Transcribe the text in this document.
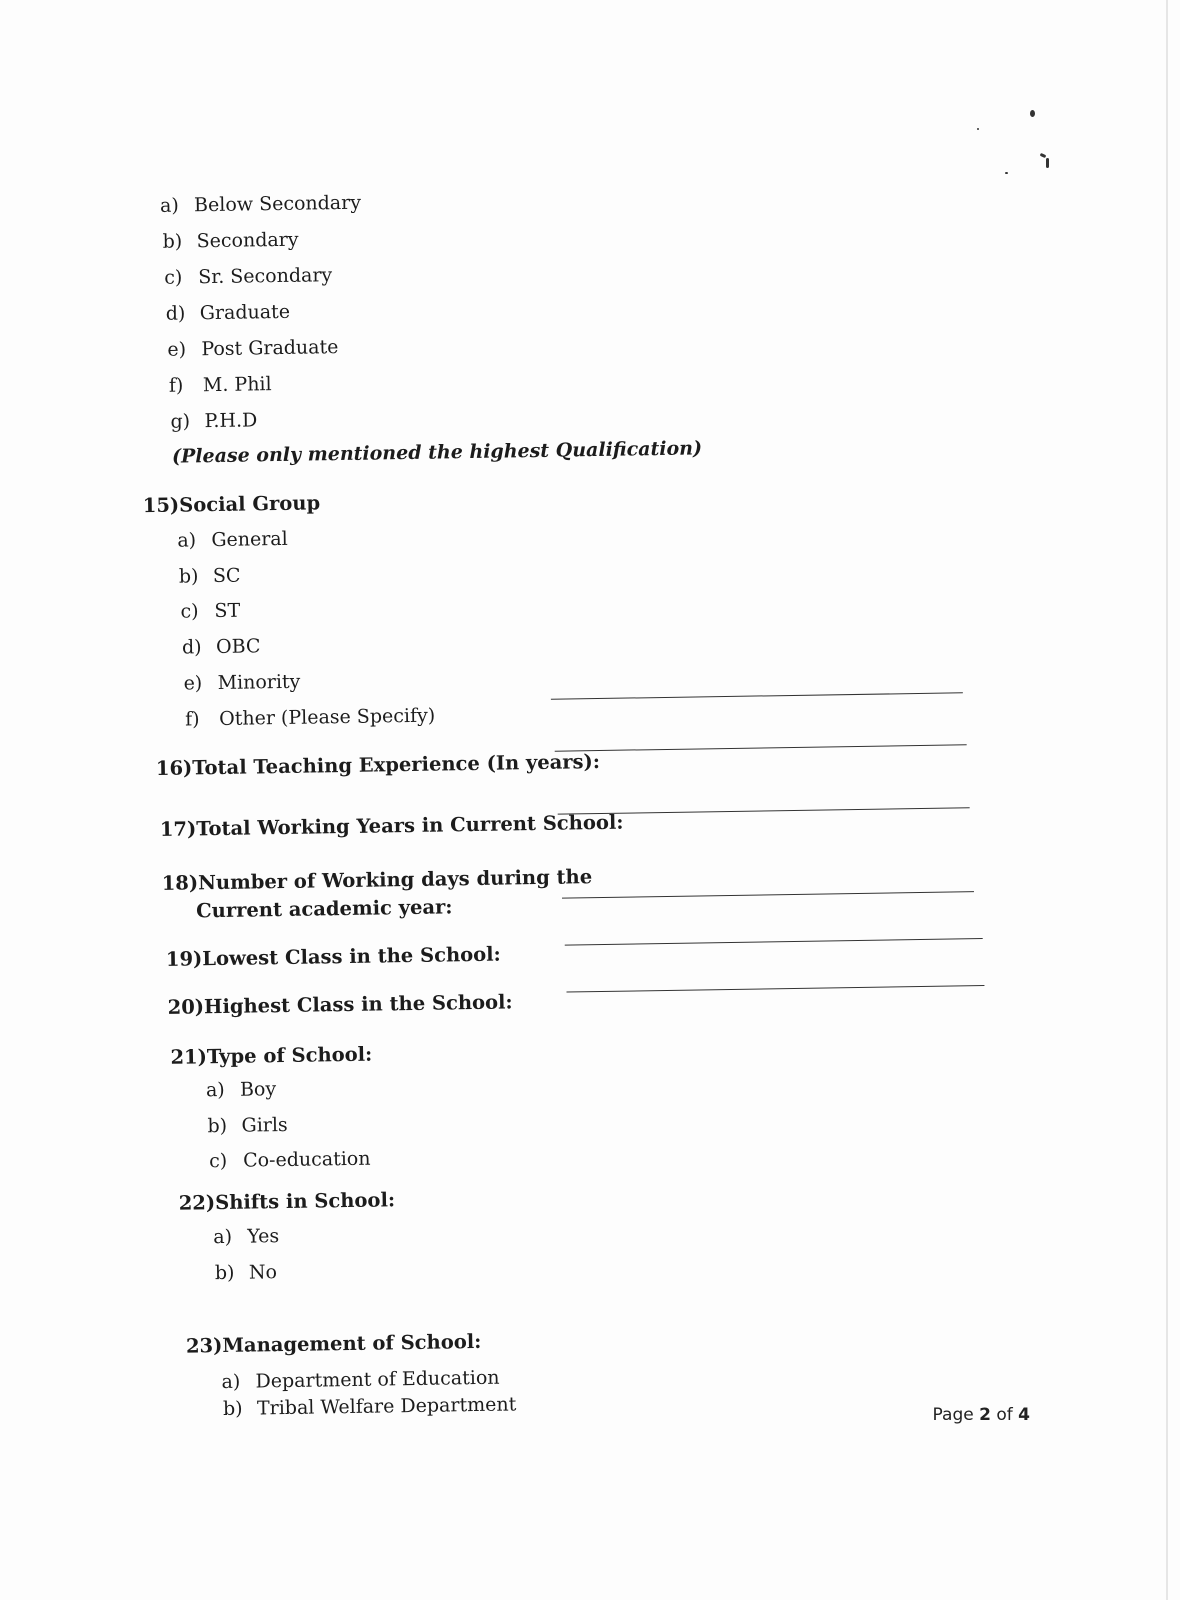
a) Below Secondary
b) Secondary
c) Sr. Secondary
d) Graduate
e) Post Graduate
f) M. Phil
g) P.H.D
(Please only mentioned the highest Qualification)
15)Social Group
a) General
b) SC
c) ST
d) OBC
e) Minority
f) Other (Please Specify)
16)Total Teaching Experience (In years):
17)Total Working Years in Current School:
18)Number of Working days during the
Current academic year:
19)Lowest Class in the School:
20)Highest Class in the School:
21)Type of School:
a) Boy
b) Girls
c) Co-education
22)Shifts in School:
a) Yes
b) No
23)Management of School:
a) Department of Education
b) Tribal Welfare Department	Page 2 of 4
